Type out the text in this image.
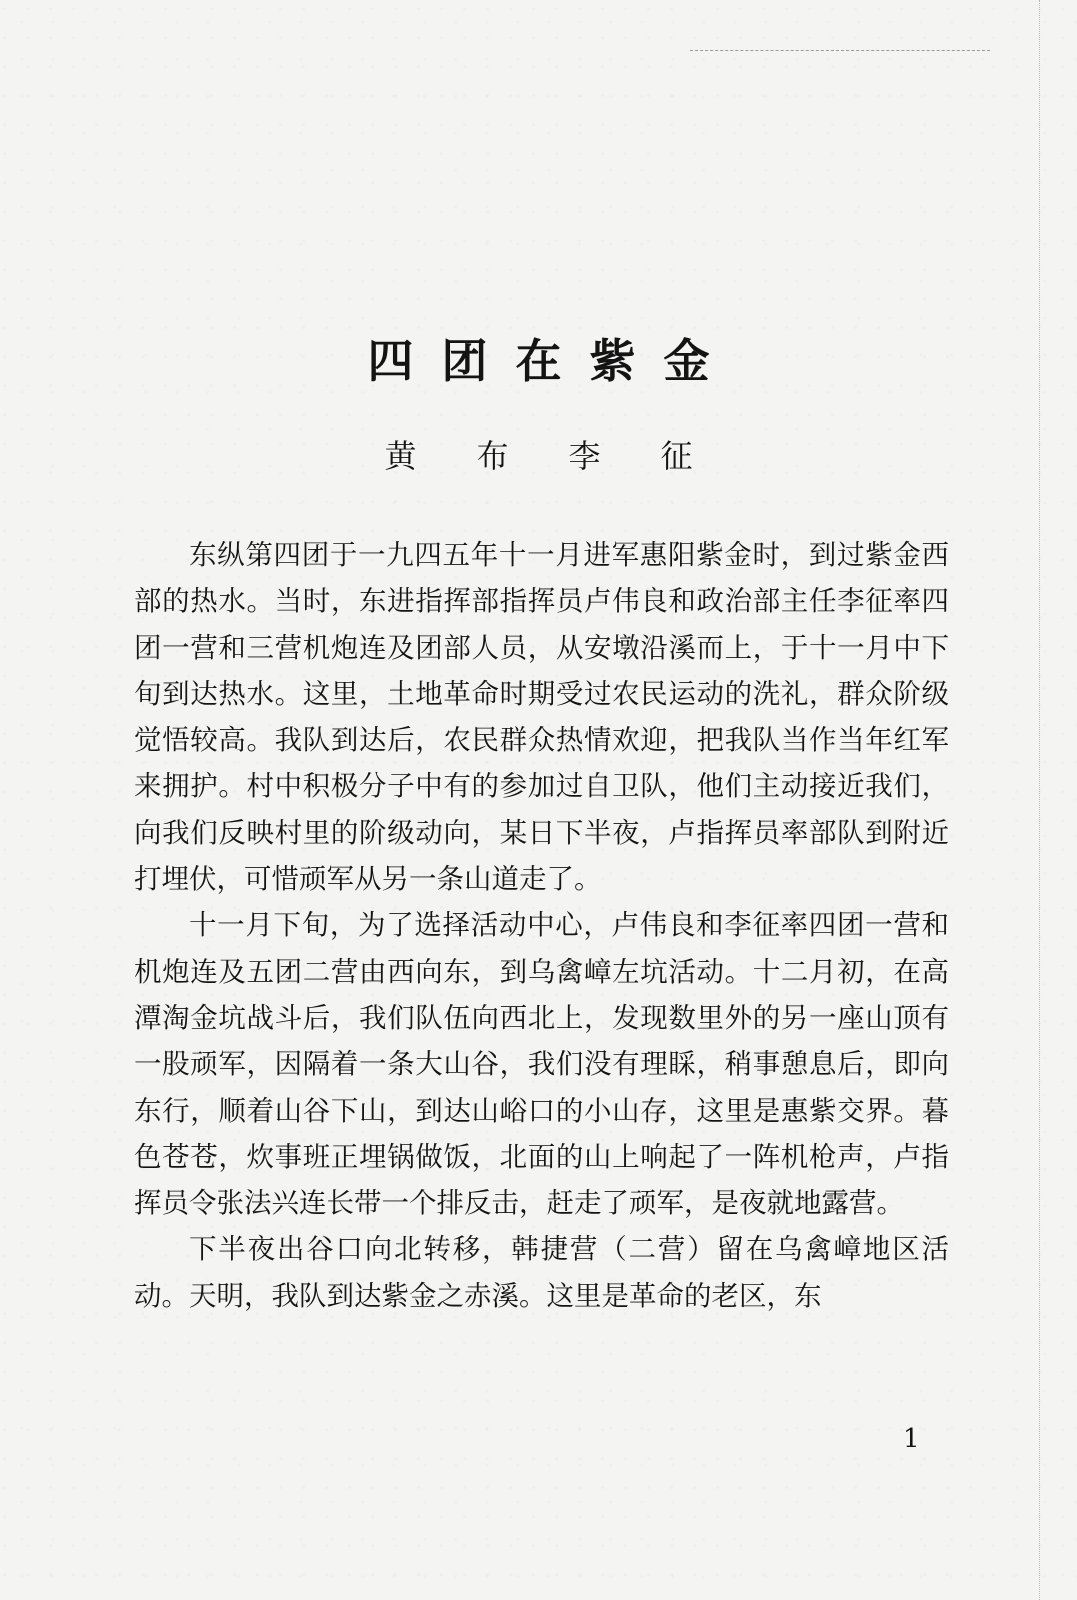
四团在紫金
黄布李征

东纵第四团于一九四五年十一月进军惠阳紫金时，到过紫金西部的热水。当时，东进指挥部指挥员卢伟良和政治部主任李征率四团一营和三营机炮连及团部人员，从安墩沿溪而上，于十一月中下旬到达热水。这里，土地革命时期受过农民运动的洗礼，群众阶级觉悟较高。我队到达后，农民群众热情欢迎，把我队当作当年红军来拥护。村中积极分子中有的参加过自卫队，他们主动接近我们，向我们反映村里的阶级动向，某日下半夜，卢指挥员率部队到附近打埋伏，可惜顽军从另一条山道走了。

十一月下旬，为了选择活动中心，卢伟良和李征率四团一营和机炮连及五团二营由西向东，到乌禽嶂左坑活动。十二月初，在高潭淘金坑战斗后，我们队伍向西北上，发现数里外的另一座山顶有一股顽军，因隔着一条大山谷，我们没有理睬，稍事憩息后，即向东行，顺着山谷下山，到达山峪口的小山存，这里是惠紫交界。暮色苍苍，炊事班正埋锅做饭，北面的山上响起了一阵机枪声，卢指挥员令张法兴连长带一个排反击，赶走了顽军，是夜就地露营。

下半夜出谷口向北转移，韩捷营（二营）留在乌禽嶂地区活动。天明，我队到达紫金之赤溪。这里是革命的老区，东

1
